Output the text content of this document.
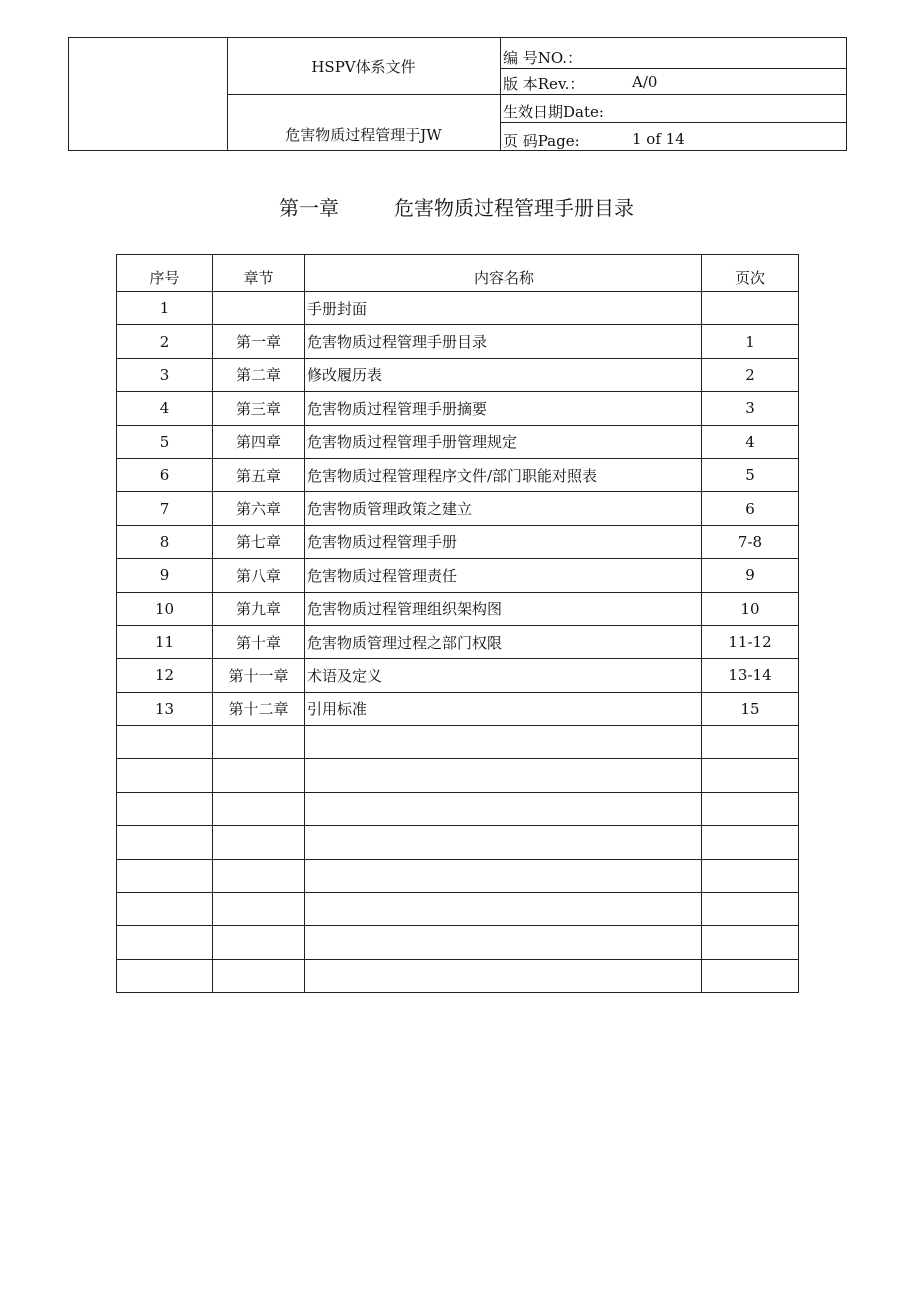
HSPV体系文件
危害物质过程管理于JW
编 号NO.：
版 本Rev.：	A/0
生效日期Date:
页 码Page:	1 of 14
第一章	危害物质过程管理手册目录
序号	章节	内容名称	页次
1		手册封面	
2	第一章	危害物质过程管理手册目录	1
3	第二章	修改履历表	2
4	第三章	危害物质过程管理手册摘要	3
5	第四章	危害物质过程管理手册管理规定	4
6	第五章	危害物质过程管理程序文件/部门职能对照表	5
7	第六章	危害物质管理政策之建立	6
8	第七章	危害物质过程管理手册	7-8
9	第八章	危害物质过程管理责任	9
10	第九章	危害物质过程管理组织架构图	10
11	第十章	危害物质管理过程之部门权限	11-12
12	第十一章	术语及定义	13-14
13	第十二章	引用标准	15
